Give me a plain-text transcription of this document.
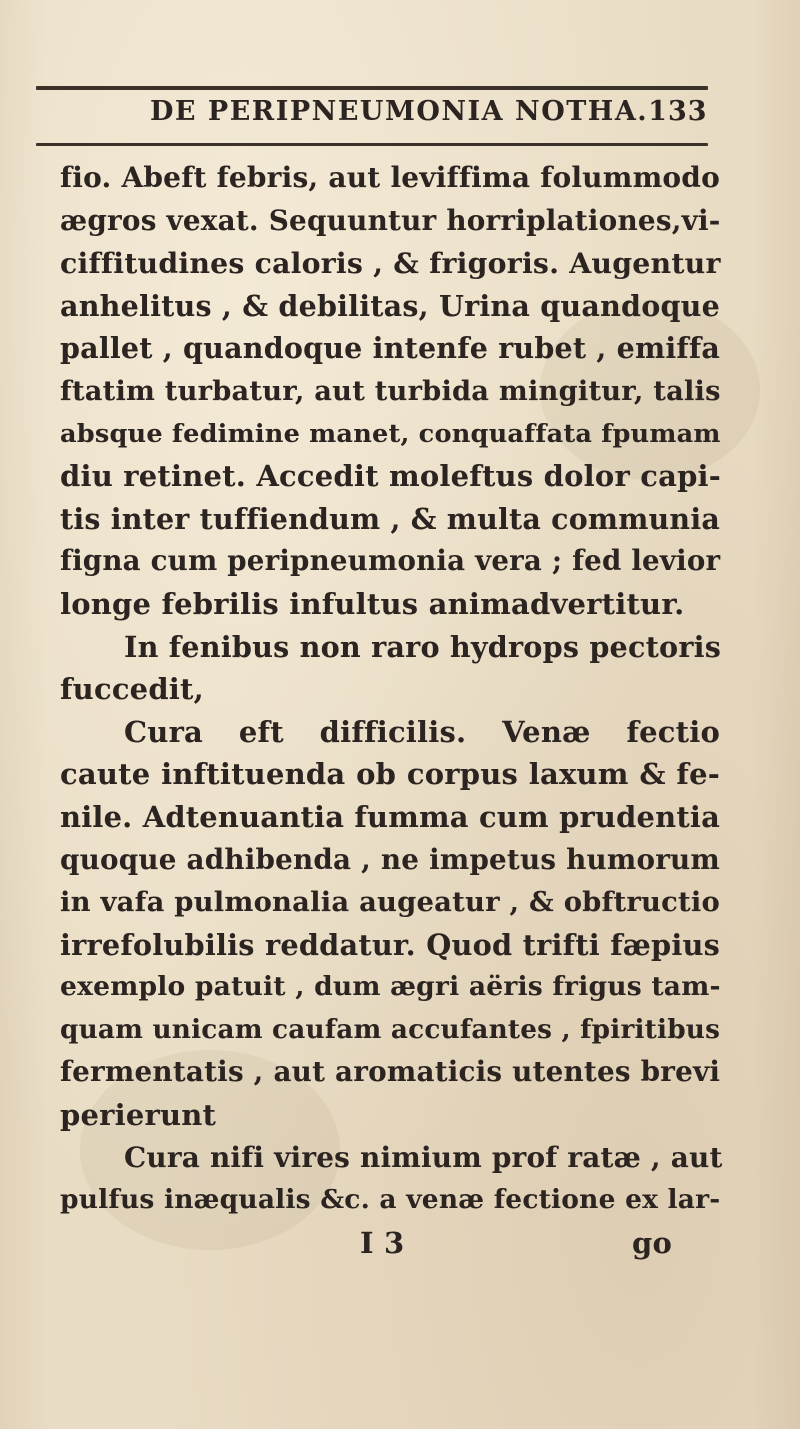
DE PERIPNEUMONIA NOTHA. 133
fio. Abeft febris, aut leviffima folummodo
ægros vexat. Sequuntur horriplationes,vi-
ciffitudines caloris , & frigoris. Augentur
anhelitus , & debilitas, Urina quandoque
pallet , quandoque intenfe rubet , emiffa
ftatim turbatur, aut turbida mingitur, talis
absque fedimine manet, conquaffata fpumam
diu retinet. Accedit moleftus dolor capi-
tis inter tuffiendum , & multa communia
figna cum peripneumonia vera ; fed levior
longe febrilis infultus animadvertitur.
In fenibus non raro hydrops pectoris
fuccedit,
Cura eft difficilis. Venæ fectio
caute inftituenda ob corpus laxum & fe-
nile. Adtenuantia fumma cum prudentia
quoque adhibenda , ne impetus humorum
in vafa pulmonalia augeatur , & obftructio
irrefolubilis reddatur. Quod trifti fæpius
exemplo patuit , dum ægri aëris frigus tam-
quam unicam caufam accufantes , fpiritibus
fermentatis , aut aromaticis utentes brevi
perierunt
Cura nifi vires nimium prof ratæ , aut
pulfus inæqualis &c. a venæ fectione ex lar-
I 3	go
